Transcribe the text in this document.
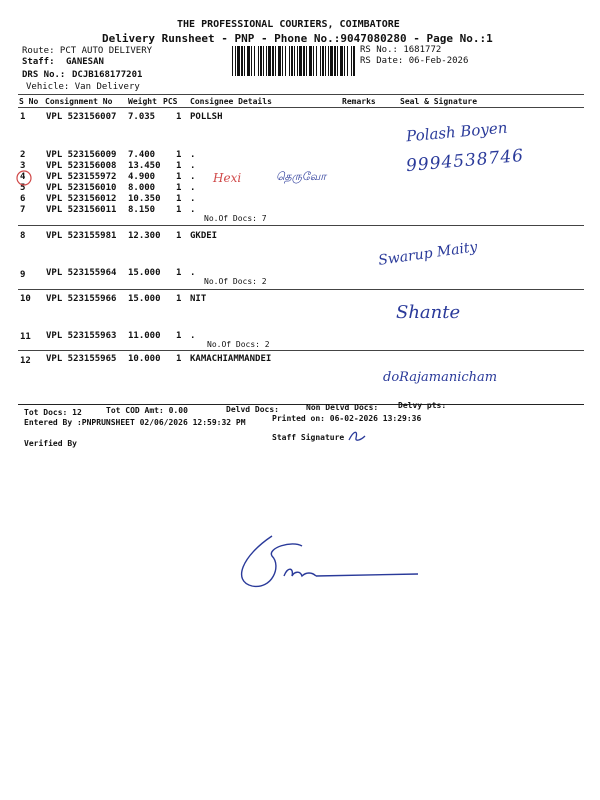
THE PROFESSIONAL COURIERS, COIMBATORE
Delivery Runsheet - PNP - Phone No.:9047080280 - Page No.:1
Route: PCT AUTO DELIVERY
Staff: GANESAN
DRS No.: DCJB168177201
Vehicle: Van Delivery
RS No.: 1681772
RS Date: 06-Feb-2026
S No Consignment No Weight PCS Consignee Details	Remarks	Seal & Signature
1 VPL 523156007 7.035 1 POLLSH
2 VPL 523156009 7.400 1 .
3 VPL 523156008 13.450 1 .
4 VPL 523155972 4.900 1 .
5 VPL 523156010 8.000 1 .
6 VPL 523156012 10.350 1 .
7 VPL 523156011 8.150 1 .
No.Of Docs: 7
8 VPL 523155981 12.300 1 GKDEI
9 VPL 523155964 15.000 1 .
No.Of Docs: 2
10 VPL 523155966 15.000 1 NIT
11 VPL 523155963 11.000 1 .
No.Of Docs: 2
12 VPL 523155965 10.000 1 KAMACHIAMMANDEI
Polash Boyen
9994538746
Hexi	தெருவோ
Swarup Maity
Shante
doRajamanicham
Tot Docs: 12	Tot COD Amt: 0.00	Delvd Docs:	Non Delvd Docs: Delvy pts:
Entered By :PNPRUNSHEET 02/06/2026 12:59:32 PM	Printed on: 06-02-2026 13:29:36
Verified By
Staff Signature
